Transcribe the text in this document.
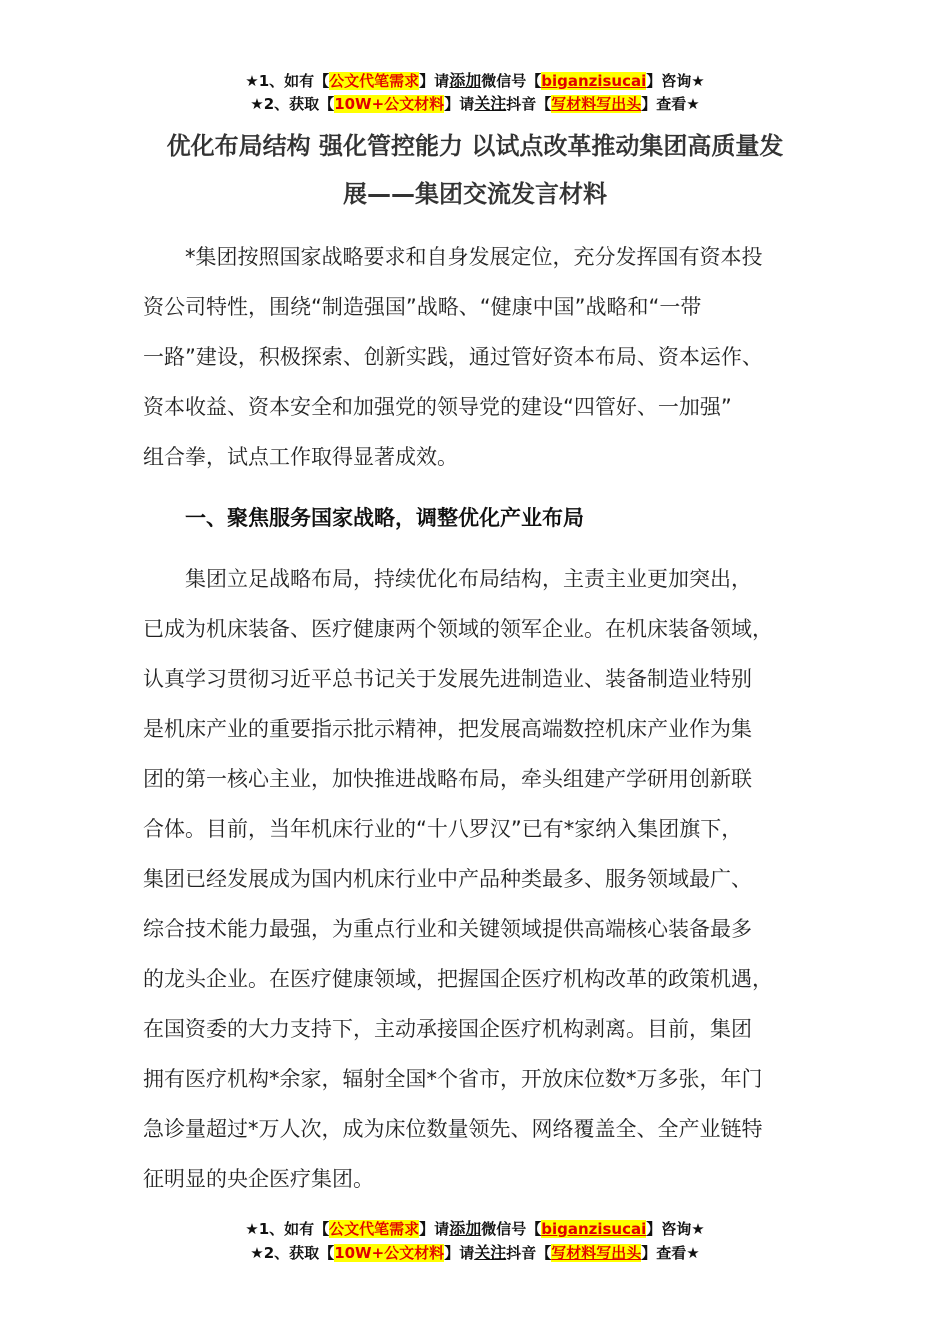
★1、如有【公文代笔需求】请添加微信号【biganzisucai】咨询★
★2、获取【10W+公文材料】请关注抖音【写材料写出头】查看★
优化布局结构 强化管控能力 以试点改革推动集团高质量发
展——集团交流发言材料
*集团按照国家战略要求和自身发展定位，充分发挥国有资本投
资公司特性，围绕“制造强国”战略、“健康中国”战略和“一带
一路”建设，积极探索、创新实践，通过管好资本布局、资本运作、
资本收益、资本安全和加强党的领导党的建设“四管好、一加强”
组合拳，试点工作取得显著成效。
一、聚焦服务国家战略，调整优化产业布局
集团立足战略布局，持续优化布局结构，主责主业更加突出，
已成为机床装备、医疗健康两个领域的领军企业。在机床装备领域，
认真学习贯彻习近平总书记关于发展先进制造业、装备制造业特别
是机床产业的重要指示批示精神，把发展高端数控机床产业作为集
团的第一核心主业，加快推进战略布局，牵头组建产学研用创新联
合体。目前，当年机床行业的“十八罗汉”已有*家纳入集团旗下，
集团已经发展成为国内机床行业中产品种类最多、服务领域最广、
综合技术能力最强，为重点行业和关键领域提供高端核心装备最多
的龙头企业。在医疗健康领域，把握国企医疗机构改革的政策机遇，
在国资委的大力支持下，主动承接国企医疗机构剥离。目前，集团
拥有医疗机构*余家，辐射全国*个省市，开放床位数*万多张，年门
急诊量超过*万人次，成为床位数量领先、网络覆盖全、全产业链特
征明显的央企医疗集团。
★1、如有【公文代笔需求】请添加微信号【biganzisucai】咨询★
★2、获取【10W+公文材料】请关注抖音【写材料写出头】查看★
